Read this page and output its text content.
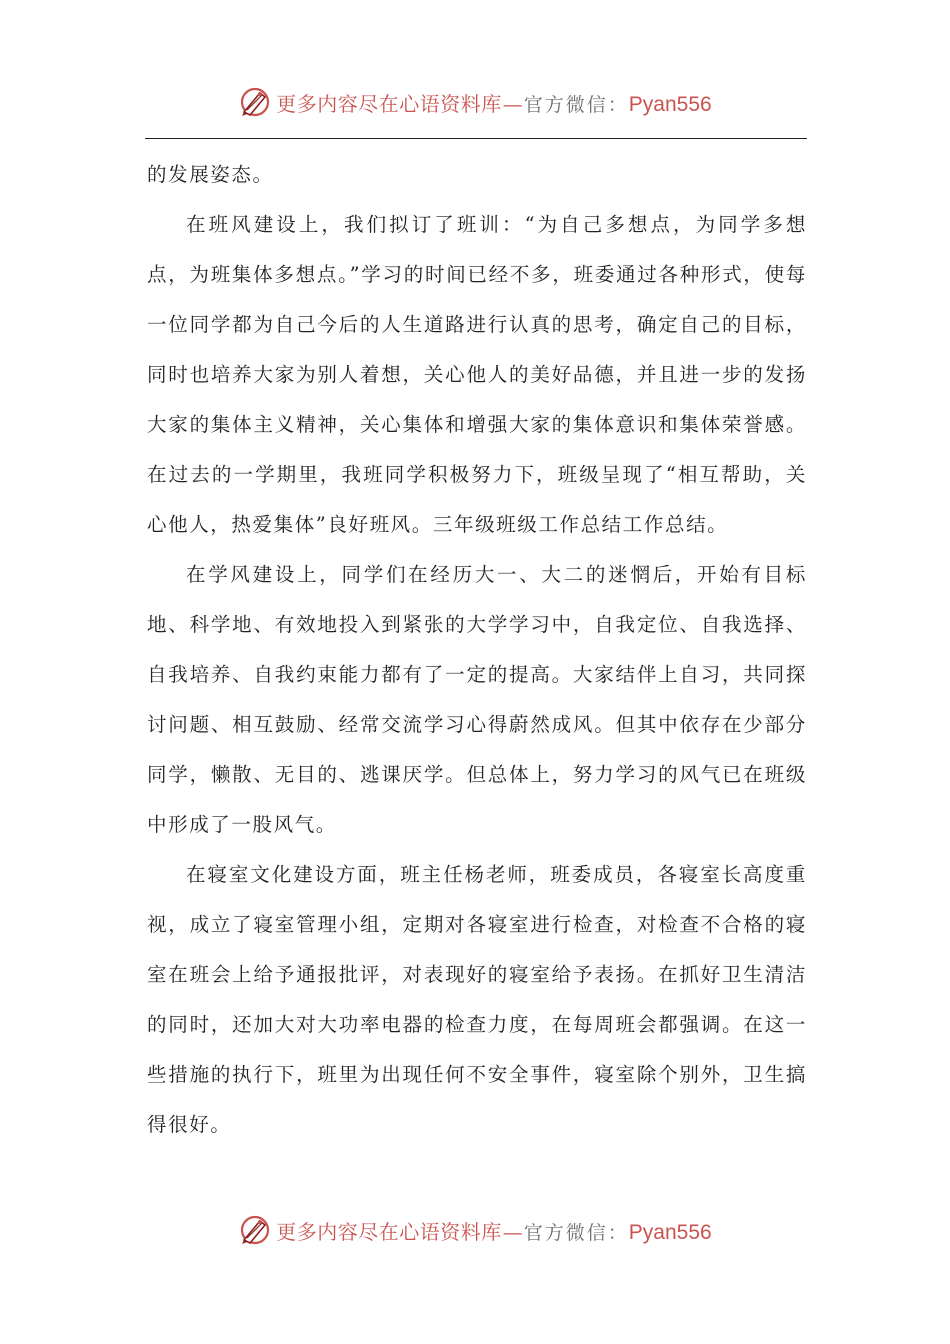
更多内容尽在心语资料库 — 官方微信： Pyan556

的发展姿态。

在班风建设上，我们拟订了班训：“为自己多想点，为同学多想点，为班集体多想点。”学习的时间已经不多，班委通过各种形式，使每一位同学都为自己今后的人生道路进行认真的思考，确定自己的目标，同时也培养大家为别人着想，关心他人的美好品德，并且进一步的发扬大家的集体主义精神，关心集体和增强大家的集体意识和集体荣誉感。在过去的一学期里，我班同学积极努力下，班级呈现了“相互帮助，关心他人，热爱集体”良好班风。三年级班级工作总结工作总结。

在学风建设上，同学们在经历大一、大二的迷惘后，开始有目标地、科学地、有效地投入到紧张的大学学习中，自我定位、自我选择、自我培养、自我约束能力都有了一定的提高。大家结伴上自习，共同探讨问题、相互鼓励、经常交流学习心得蔚然成风。但其中依存在少部分同学，懒散、无目的、逃课厌学。但总体上，努力学习的风气已在班级中形成了一股风气。

在寝室文化建设方面，班主任杨老师，班委成员，各寝室长高度重视，成立了寝室管理小组，定期对各寝室进行检查，对检查不合格的寝室在班会上给予通报批评，对表现好的寝室给予表扬。在抓好卫生清洁的同时，还加大对大功率电器的检查力度，在每周班会都强调。在这一些措施的执行下，班里为出现任何不安全事件，寝室除个别外，卫生搞得很好。

更多内容尽在心语资料库 — 官方微信： Pyan556
